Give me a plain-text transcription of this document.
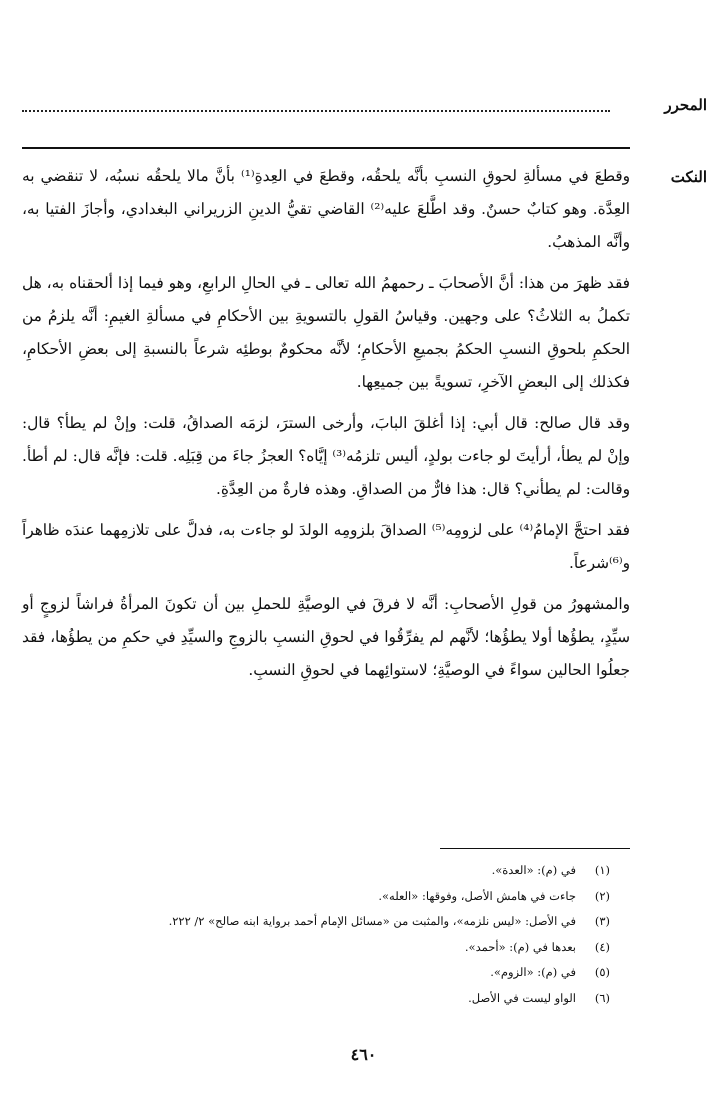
المحرر
النكت

وقطعَ في مسألةِ لحوقِ النسبِ بأنَّه يلحقُه، وقطعَ في العِدةِ⁽¹⁾ بأنَّ مالا يلحقُه نسبُه، لا تنقضي به العِدَّة. وهو كتابٌ حسنٌ. وقد اطَّلعَ عليه⁽²⁾ القاضي تقيُّ الدينِ الزريراني البغدادي، وأجازَ الفتيا به، وأنَّه المذهبُ.

فقد ظهرَ من هذا: أنَّ الأصحابَ ـ رحمهمُ الله تعالى ـ في الحالِ الرابعِ، وهو فيما إذا ألحقناه به، هل تكملُ به الثلاثُ؟ على وجهين. وقياسُ القولِ بالتسويةِ بين الأحكامِ في مسألةِ الغيمِ: أنَّه يلزمُ من الحكمِ بلحوقِ النسبِ الحكمُ بجميعِ الأحكامِ؛ لأنَّه محكومٌ بوطئِه شرعاً بالنسبةِ إلى بعضِ الأحكامِ، فكذلك إلى البعضِ الآخرِ، تسويةً بين جميعِها.

وقد قال صالح: قال أبي: إذا أغلقَ البابَ، وأرخى السترَ، لزمَه الصداقُ، قلت: وإنْ لم يطأ؟ قال: وإنْ لم يطأ، أرأيتَ لو جاءت بولدٍ، أليس تلزمُه⁽³⁾ إيَّاه؟ العجزُ جاءَ من قِبَلِه. قلت: فإنَّه قال: لم أطأ. وقالت: لم يطأني؟ قال: هذا فارٌّ من الصداقِ. وهذه فارةٌ من العِدَّةِ.

فقد احتجَّ الإمامُ⁽⁴⁾ على لزومِه⁽⁵⁾ الصداقَ بلزومِه الولدَ لو جاءت به، فدلَّ على تلازمِهما عندَه ظاهراً و⁽⁶⁾شرعاً.

والمشهورُ من قولِ الأصحابِ: أنَّه لا فرقَ في الوصيَّةِ للحملِ بين أن تكونَ المرأةُ فراشاً لزوجٍ أو سيِّدٍ، يطؤُها أولا يطؤُها؛ لأنَّهم لم يفرِّقُوا في لحوقِ النسبِ بالزوجِ والسيِّدِ في حكمِ من يطؤُها، فقد جعلُوا الحالين سواءً في الوصيَّةِ؛ لاستوائِهما في لحوقِ النسبِ.

(١)
في (م): «العدة».
(٢)
جاءت في هامش الأصل، وفوقها: «العله».
(٣)
في الأصل: «ليس نلزمه»، والمثبت من «مسائل الإمام أحمد برواية ابنه صالح» ٢/ ٢٢٢.
(٤)
بعدها في (م): «أحمد».
(٥)
في (م): «الزوم».
(٦)
الواو ليست في الأصل.
٤٦٠
